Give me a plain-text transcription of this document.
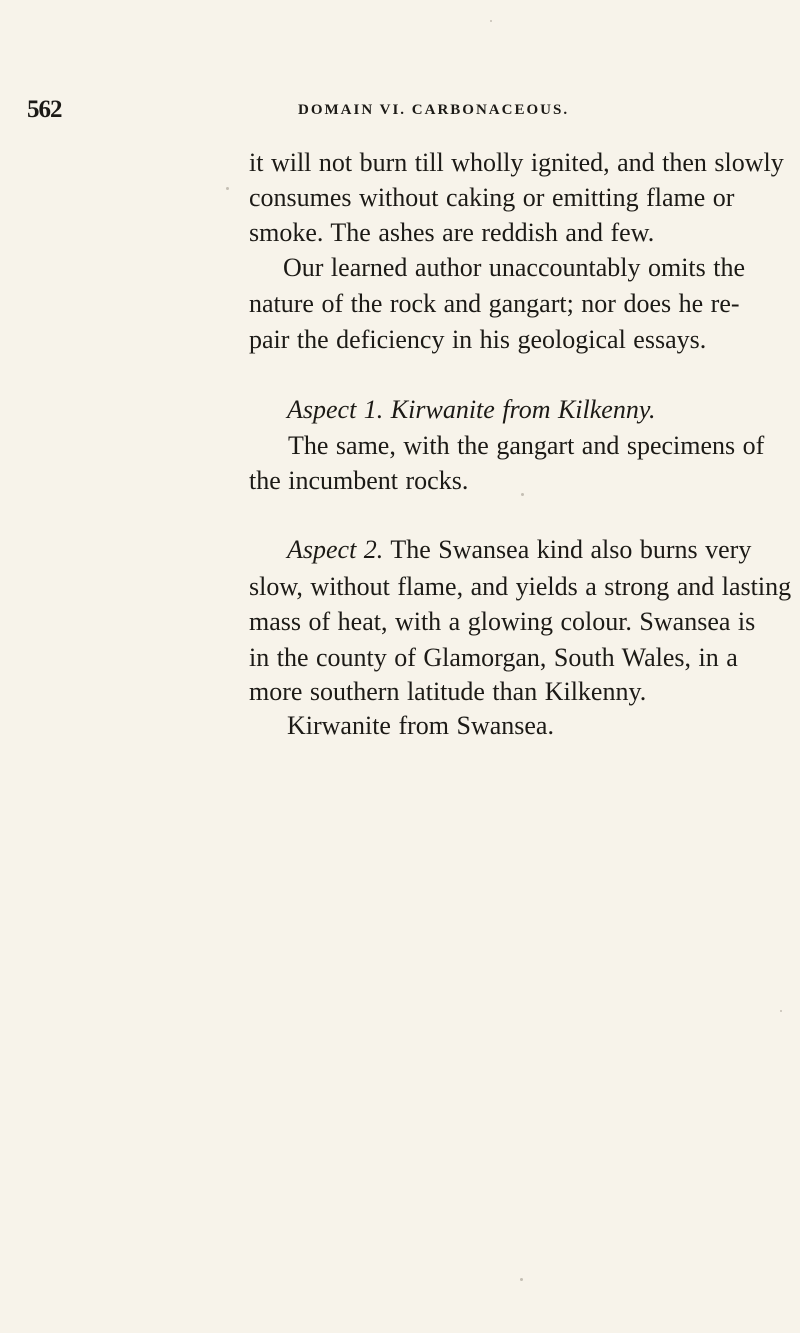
562	DOMAIN VI. CARBONACEOUS.
it will not burn till wholly ignited, and then slowly
consumes without caking or emitting flame or
smoke. The ashes are reddish and few.
Our learned author unaccountably omits the
nature of the rock and gangart; nor does he re-
pair the deficiency in his geological essays.
Aspect 1. Kirwanite from Kilkenny.
The same, with the gangart and specimens of
the incumbent rocks.
Aspect 2. The Swansea kind also burns very
slow, without flame, and yields a strong and lasting
mass of heat, with a glowing colour. Swansea is
in the county of Glamorgan, South Wales, in a
more southern latitude than Kilkenny.
Kirwanite from Swansea.
